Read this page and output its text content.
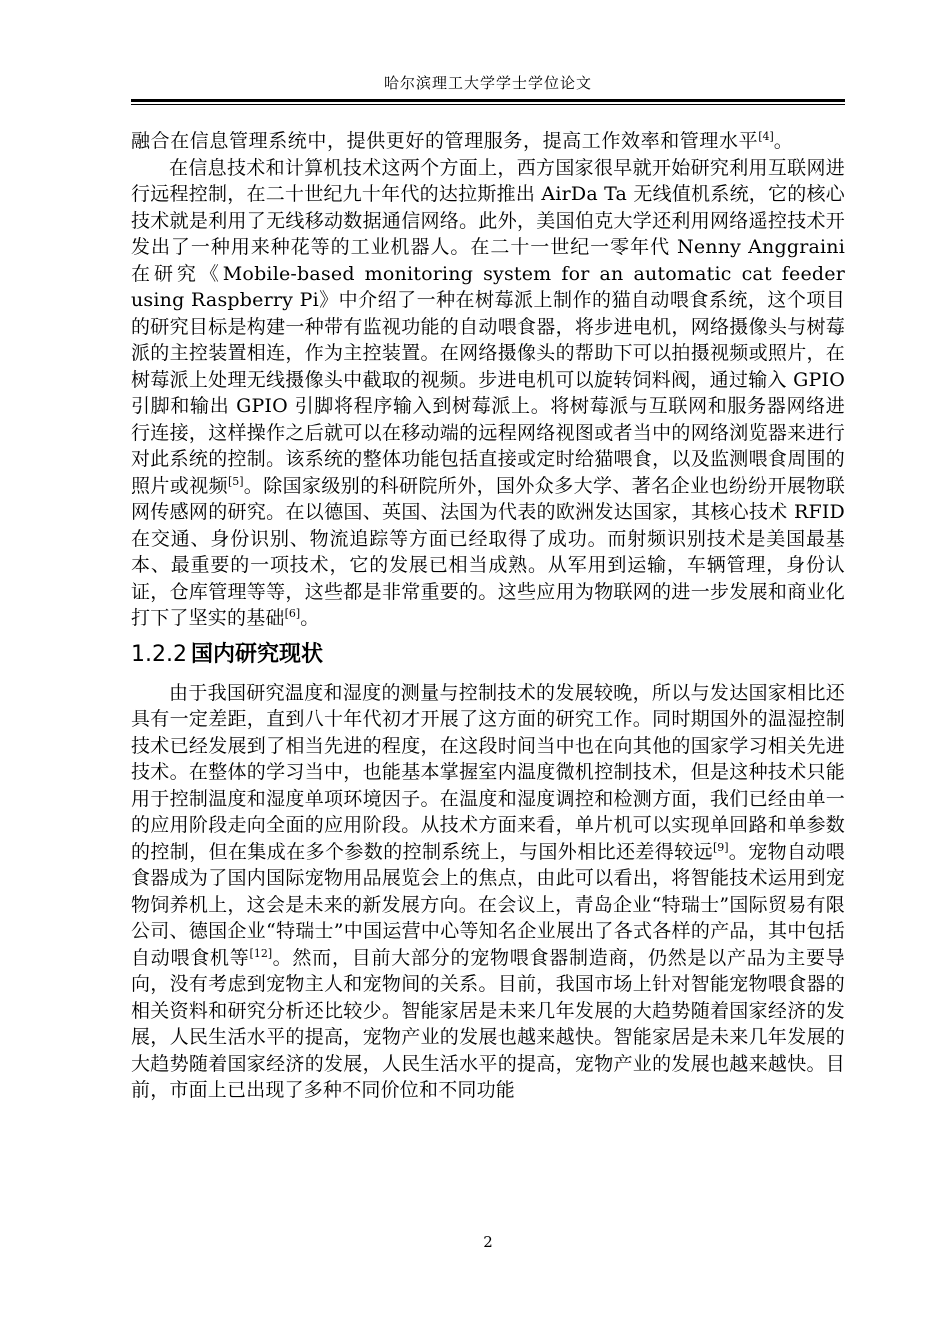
哈尔滨理工大学学士学位论文

融合在信息管理系统中，提供更好的管理服务，提高工作效率和管理水平[4]。

在信息技术和计算机技术这两个方面上，西方国家很早就开始研究利用互联网进行远程控制，在二十世纪九十年代的达拉斯推出 AirDa Ta 无线值机系统，它的核心技术就是利用了无线移动数据通信网络。此外，美国伯克大学还利用网络遥控技术开发出了一种用来种花等的工业机器人。在二十一世纪一零年代 Nenny Anggraini 在研究《Mobile-based monitoring system for an automatic cat feeder using Raspberry Pi》中介绍了一种在树莓派上制作的猫自动喂食系统，这个项目的研究目标是构建一种带有监视功能的自动喂食器，将步进电机，网络摄像头与树莓派的主控装置相连，作为主控装置。在网络摄像头的帮助下可以拍摄视频或照片，在树莓派上处理无线摄像头中截取的视频。步进电机可以旋转饲料阀，通过输入 GPIO 引脚和输出 GPIO 引脚将程序输入到树莓派上。将树莓派与互联网和服务器网络进行连接，这样操作之后就可以在移动端的远程网络视图或者当中的网络浏览器来进行对此系统的控制。该系统的整体功能包括直接或定时给猫喂食，以及监测喂食周围的照片或视频[5]。除国家级别的科研院所外，国外众多大学、著名企业也纷纷开展物联网传感网的研究。在以德国、英国、法国为代表的欧洲发达国家，其核心技术 RFID 在交通、身份识别、物流追踪等方面已经取得了成功。而射频识别技术是美国最基本、最重要的一项技术，它的发展已相当成熟。从军用到运输，车辆管理，身份认证，仓库管理等等，这些都是非常重要的。这些应用为物联网的进一步发展和商业化打下了坚实的基础[6]。

1.2.2 国内研究现状

由于我国研究温度和湿度的测量与控制技术的发展较晚，所以与发达国家相比还具有一定差距，直到八十年代初才开展了这方面的研究工作。同时期国外的温湿控制技术已经发展到了相当先进的程度，在这段时间当中也在向其他的国家学习相关先进技术。在整体的学习当中，也能基本掌握室内温度微机控制技术，但是这种技术只能用于控制温度和湿度单项环境因子。在温度和湿度调控和检测方面，我们已经由单一的应用阶段走向全面的应用阶段。从技术方面来看，单片机可以实现单回路和单参数的控制，但在集成在多个参数的控制系统上，与国外相比还差得较远[9]。宠物自动喂食器成为了国内国际宠物用品展览会上的焦点，由此可以看出，将智能技术运用到宠物饲养机上，这会是未来的新发展方向。在会议上，青岛企业“特瑞士”国际贸易有限公司、德国企业“特瑞士”中国运营中心等知名企业展出了各式各样的产品，其中包括自动喂食机等[12]。然而，目前大部分的宠物喂食器制造商，仍然是以产品为主要导向，没有考虑到宠物主人和宠物间的关系。目前，我国市场上针对智能宠物喂食器的相关资料和研究分析还比较少。智能家居是未来几年发展的大趋势随着国家经济的发展，人民生活水平的提高，宠物产业的发展也越来越快。智能家居是未来几年发展的大趋势随着国家经济的发展，人民生活水平的提高，宠物产业的发展也越来越快。目前，市面上已出现了多种不同价位和不同功能

2
